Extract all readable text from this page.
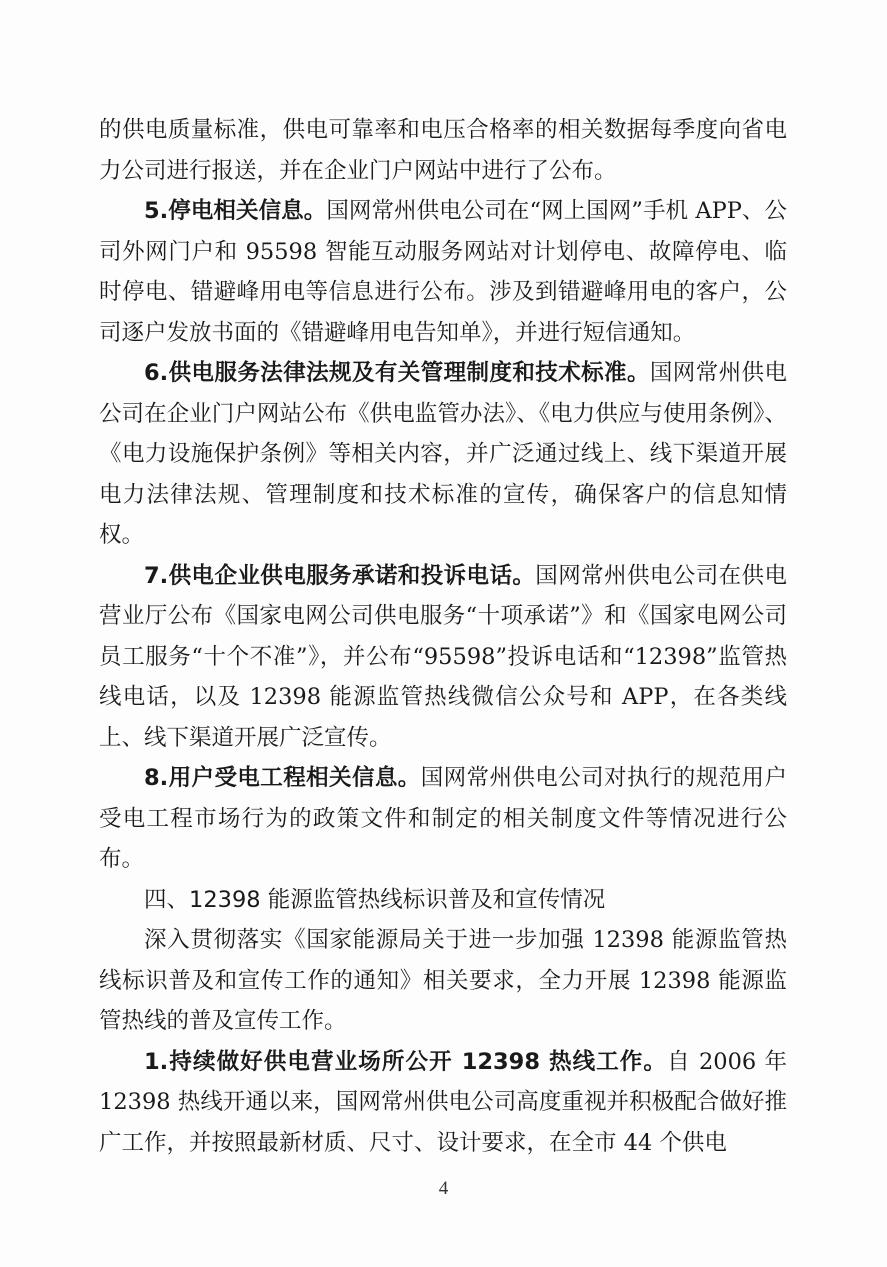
的供电质量标准，供电可靠率和电压合格率的相关数据每季度向省电力公司进行报送，并在企业门户网站中进行了公布。

5.停电相关信息。国网常州供电公司在“网上国网”手机 APP、公司外网门户和 95598 智能互动服务网站对计划停电、故障停电、临时停电、错避峰用电等信息进行公布。涉及到错避峰用电的客户，公司逐户发放书面的《错避峰用电告知单》，并进行短信通知。

6.供电服务法律法规及有关管理制度和技术标准。国网常州供电公司在企业门户网站公布《供电监管办法》、《电力供应与使用条例》、《电力设施保护条例》等相关内容，并广泛通过线上、线下渠道开展电力法律法规、管理制度和技术标准的宣传，确保客户的信息知情权。

7.供电企业供电服务承诺和投诉电话。国网常州供电公司在供电营业厅公布《国家电网公司供电服务“十项承诺”》和《国家电网公司员工服务“十个不准”》，并公布“95598”投诉电话和“12398”监管热线电话，以及 12398 能源监管热线微信公众号和 APP，在各类线上、线下渠道开展广泛宣传。

8.用户受电工程相关信息。国网常州供电公司对执行的规范用户受电工程市场行为的政策文件和制定的相关制度文件等情况进行公布。

四、12398 能源监管热线标识普及和宣传情况

深入贯彻落实《国家能源局关于进一步加强 12398 能源监管热线标识普及和宣传工作的通知》相关要求，全力开展 12398 能源监管热线的普及宣传工作。

1.持续做好供电营业场所公开 12398 热线工作。自 2006 年 12398 热线开通以来，国网常州供电公司高度重视并积极配合做好推广工作，并按照最新材质、尺寸、设计要求，在全市 44 个供电

4
